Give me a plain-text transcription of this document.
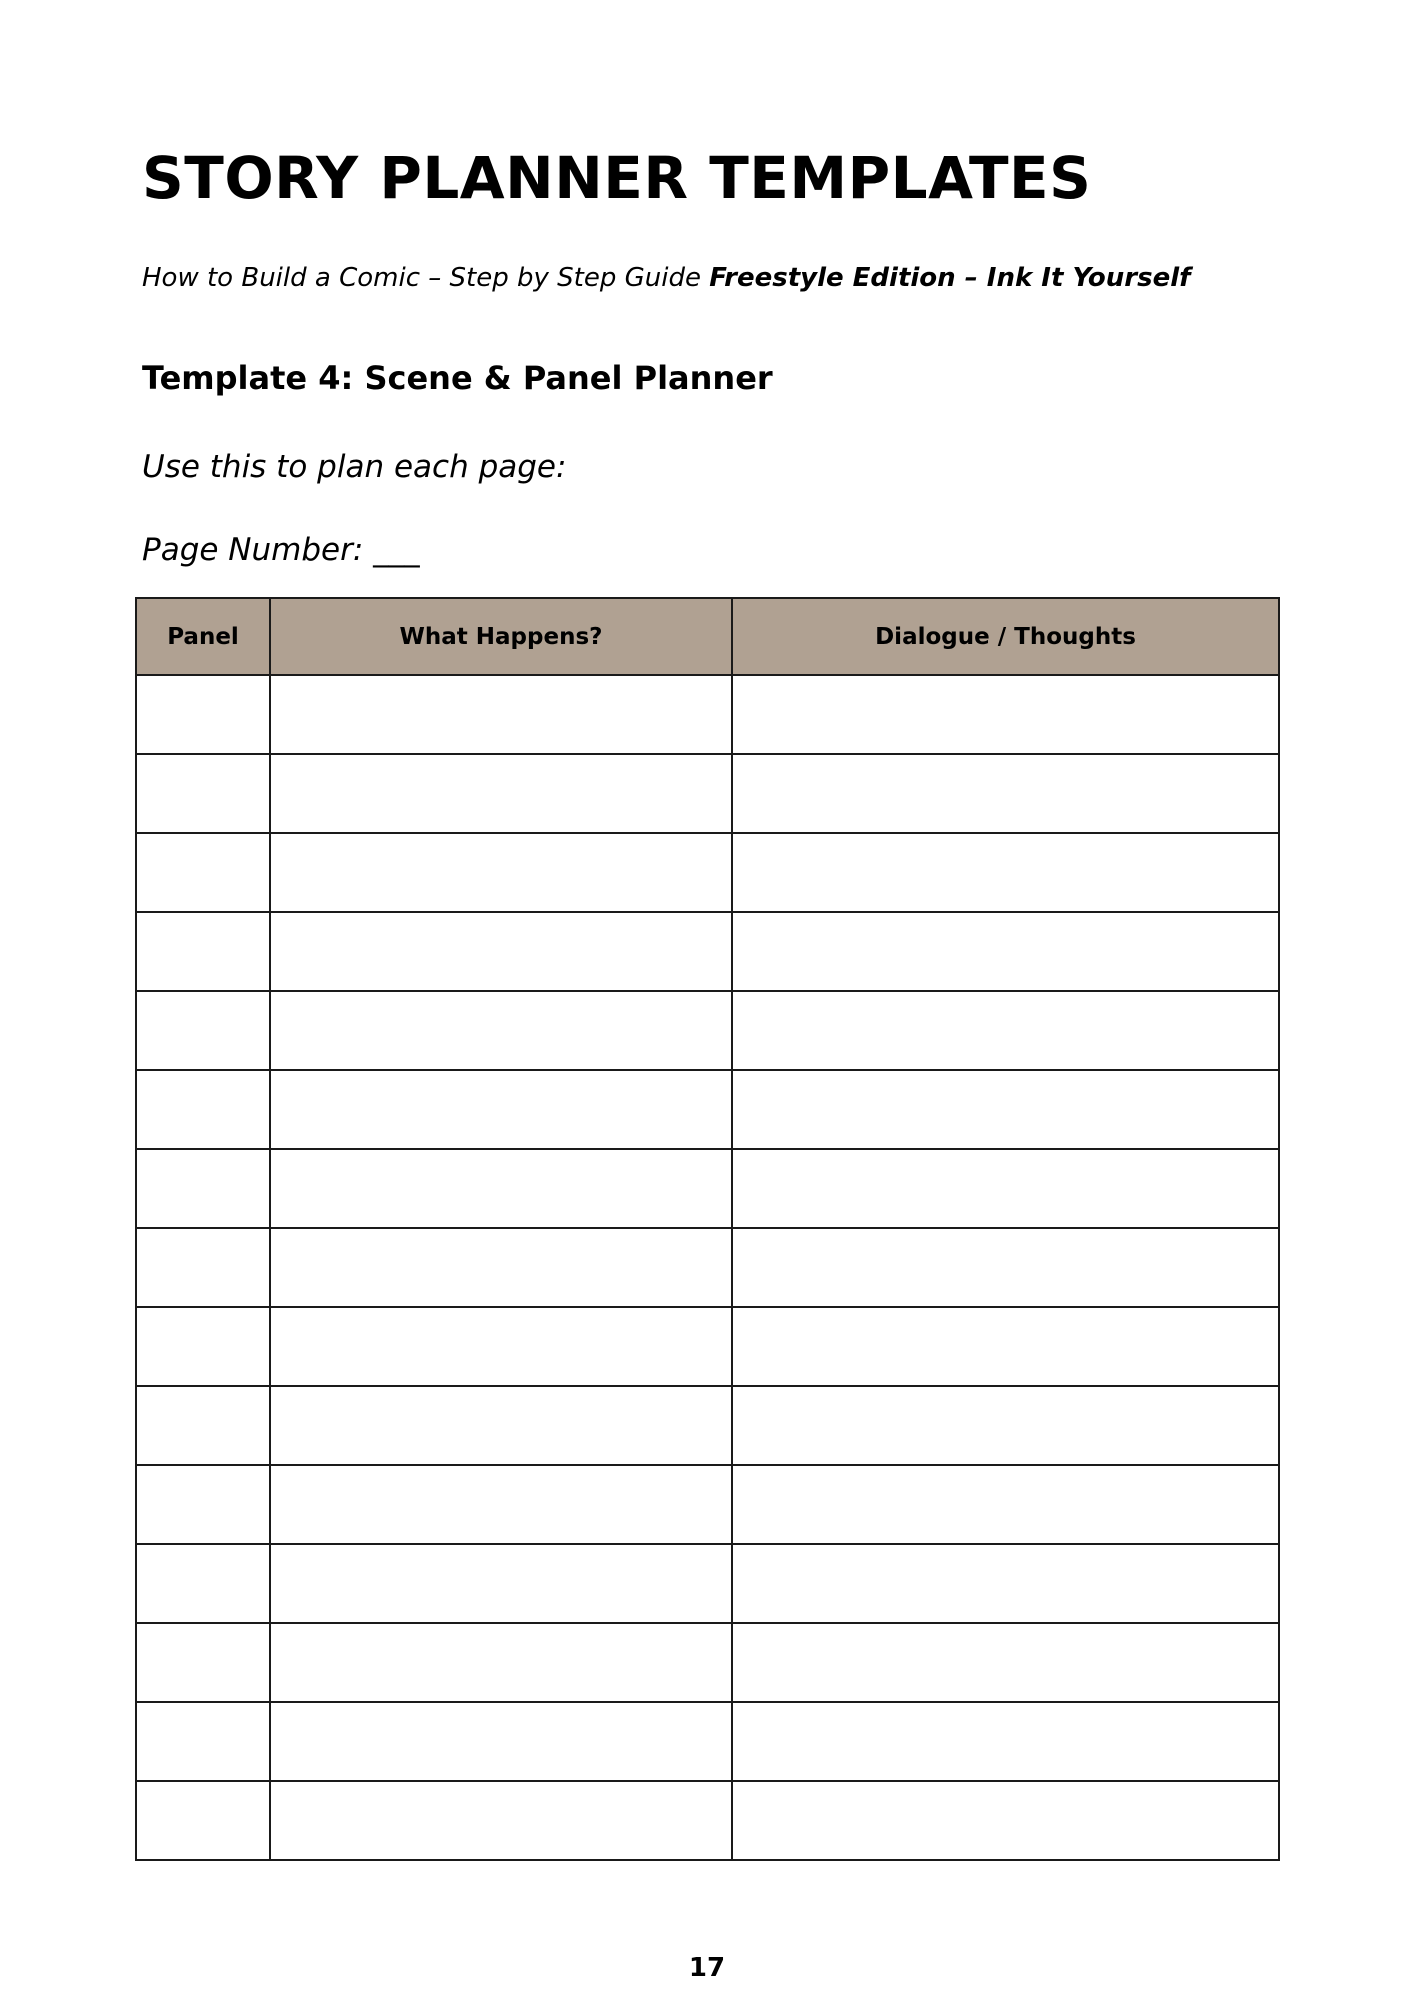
STORY PLANNER TEMPLATES
How to Build a Comic – Step by Step Guide Freestyle Edition – Ink It Yourself
Template 4: Scene & Panel Planner
Use this to plan each page:
Page Number: ___
Panel	What Happens?	Dialogue / Thoughts

17
